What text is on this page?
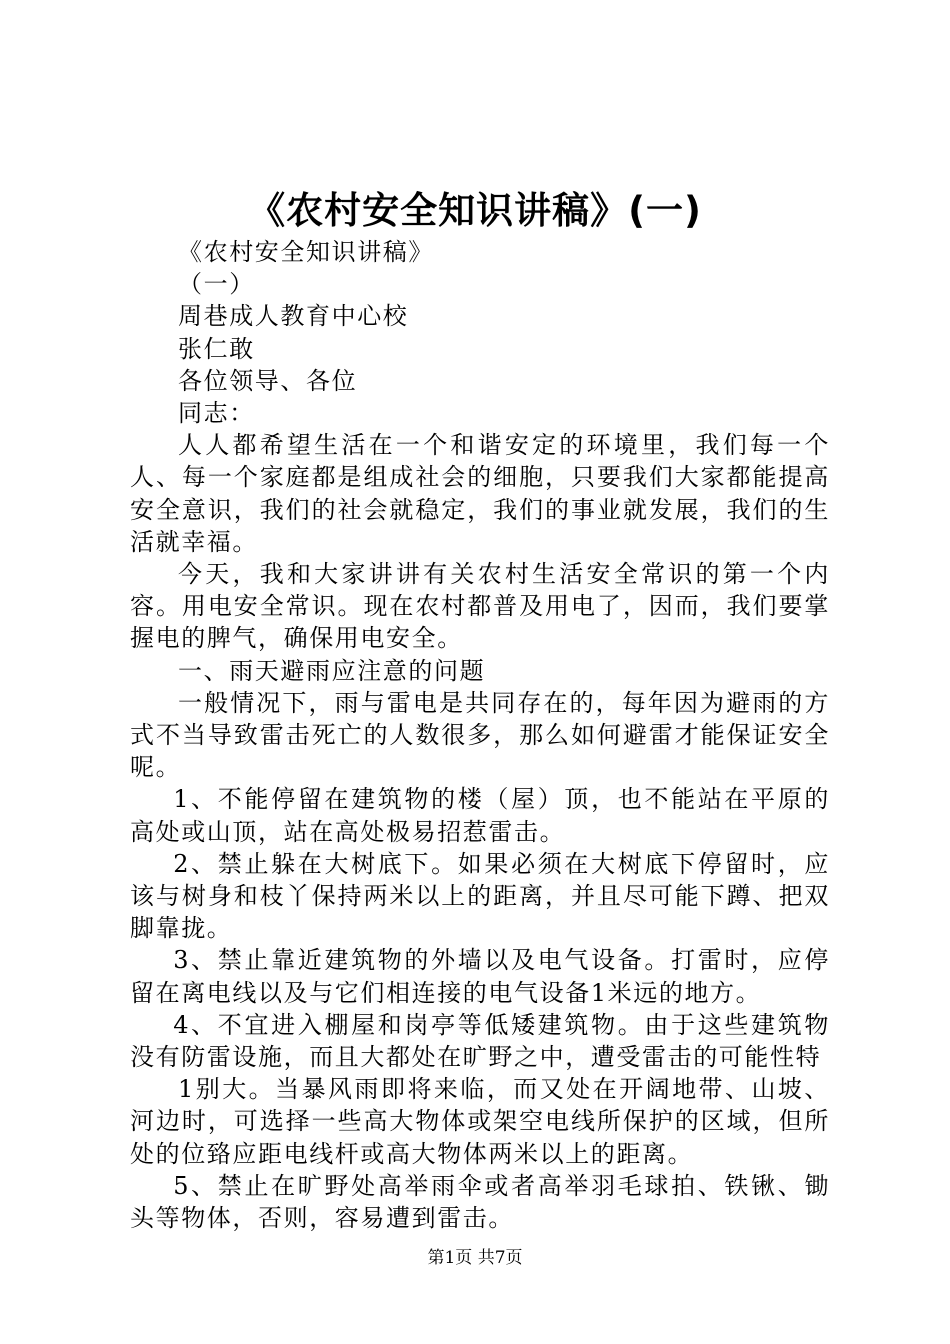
《农村安全知识讲稿》(一)

《农村安全知识讲稿》

（一）

周巷成人教育中心校

张仁敢

各位领导、各位

同志：

人人都希望生活在一个和谐安定的环境里，我们每一个人、每一个家庭都是组成社会的细胞，只要我们大家都能提高安全意识，我们的社会就稳定，我们的事业就发展，我们的生活就幸福。

今天，我和大家讲讲有关农村生活安全常识的第一个内容。用电安全常识。现在农村都普及用电了，因而，我们要掌握电的脾气，确保用电安全。

一、雨天避雨应注意的问题

一般情况下，雨与雷电是共同存在的，每年因为避雨的方式不当导致雷击死亡的人数很多，那么如何避雷才能保证安全呢。

1、不能停留在建筑物的楼（屋）顶，也不能站在平原的高处或山顶，站在高处极易招惹雷击。

2、禁止躲在大树底下。如果必须在大树底下停留时，应该与树身和枝丫保持两米以上的距离，并且尽可能下蹲、把双脚靠拢。

3、禁止靠近建筑物的外墙以及电气设备。打雷时，应停留在离电线以及与它们相连接的电气设备1米远的地方。

4、不宜进入棚屋和岗亭等低矮建筑物。由于这些建筑物没有防雷设施，而且大都处在旷野之中，遭受雷击的可能性特

1别大。当暴风雨即将来临，而又处在开阔地带、山坡、河边时，可选择一些高大物体或架空电线所保护的区域，但所处的位臵应距电线杆或高大物体两米以上的距离。

5、禁止在旷野处高举雨伞或者高举羽毛球拍、铁锹、锄头等物体，否则，容易遭到雷击。

第1页 共7页
